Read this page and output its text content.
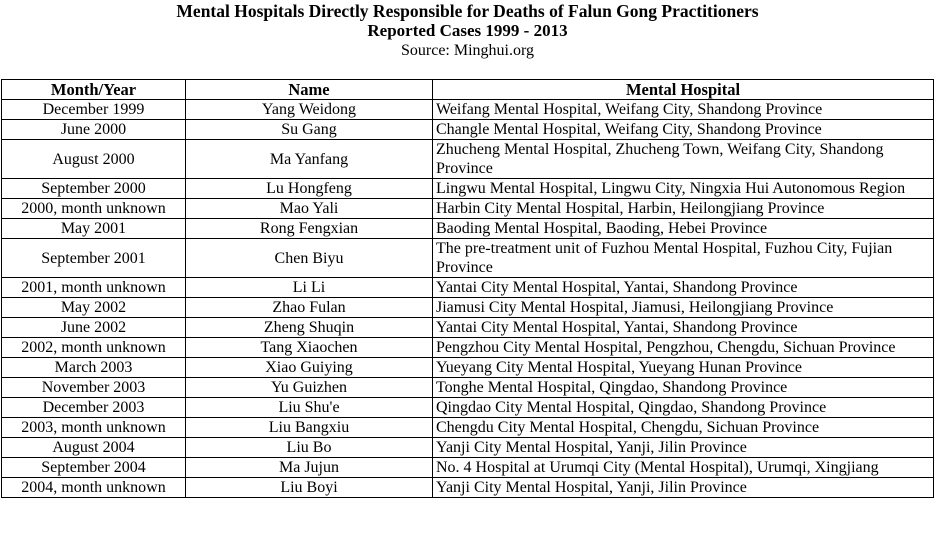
Mental Hospitals Directly Responsible for Deaths of Falun Gong Practitioners
Reported Cases 1999 - 2013
Source: Minghui.org
Month/Year	Name	Mental Hospital
December 1999	Yang Weidong	Weifang Mental Hospital, Weifang City, Shandong Province
June 2000	Su Gang	Changle Mental Hospital, Weifang City, Shandong Province
August 2000	Ma Yanfang	Zhucheng Mental Hospital, Zhucheng Town, Weifang City, Shandong Province
September 2000	Lu Hongfeng	Lingwu Mental Hospital, Lingwu City, Ningxia Hui Autonomous Region
2000, month unknown	Mao Yali	Harbin City Mental Hospital, Harbin, Heilongjiang Province
May 2001	Rong Fengxian	Baoding Mental Hospital, Baoding, Hebei Province
September 2001	Chen Biyu	The pre-treatment unit of Fuzhou Mental Hospital, Fuzhou City, Fujian Province
2001, month unknown	Li Li	Yantai City Mental Hospital, Yantai, Shandong Province
May 2002	Zhao Fulan	Jiamusi City Mental Hospital, Jiamusi, Heilongjiang Province
June 2002	Zheng Shuqin	Yantai City Mental Hospital, Yantai, Shandong Province
2002, month unknown	Tang Xiaochen	Pengzhou City Mental Hospital, Pengzhou, Chengdu, Sichuan Province
March 2003	Xiao Guiying	Yueyang City Mental Hospital, Yueyang Hunan Province
November 2003	Yu Guizhen	Tonghe Mental Hospital, Qingdao, Shandong Province
December 2003	Liu Shu'e	Qingdao City Mental Hospital, Qingdao, Shandong Province
2003, month unknown	Liu Bangxiu	Chengdu City Mental Hospital, Chengdu, Sichuan Province
August 2004	Liu Bo	Yanji City Mental Hospital, Yanji, Jilin Province
September 2004	Ma Jujun	No. 4 Hospital at Urumqi City (Mental Hospital), Urumqi, Xingjiang
2004, month unknown	Liu Boyi	Yanji City Mental Hospital, Yanji, Jilin Province
